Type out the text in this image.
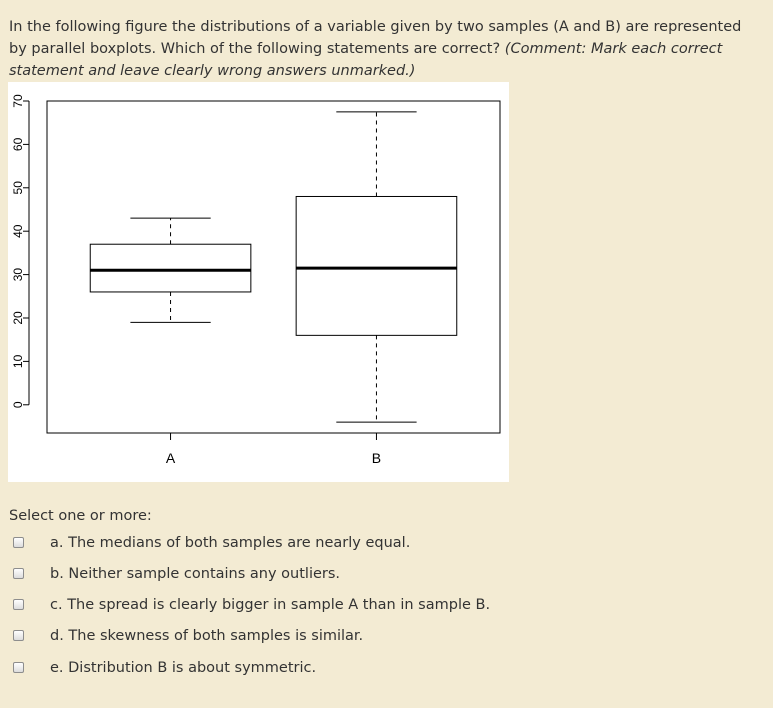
In the following figure the distributions of a variable given by two samples (A and B) are represented by parallel boxplots. Which of the following statements are correct? (Comment: Mark each correct statement and leave clearly wrong answers unmarked.)
0
10
20
30
40
50
60
70
A	B
Select one or more:
a. The medians of both samples are nearly equal.
b. Neither sample contains any outliers.
c. The spread is clearly bigger in sample A than in sample B.
d. The skewness of both samples is similar.
e. Distribution B is about symmetric.
